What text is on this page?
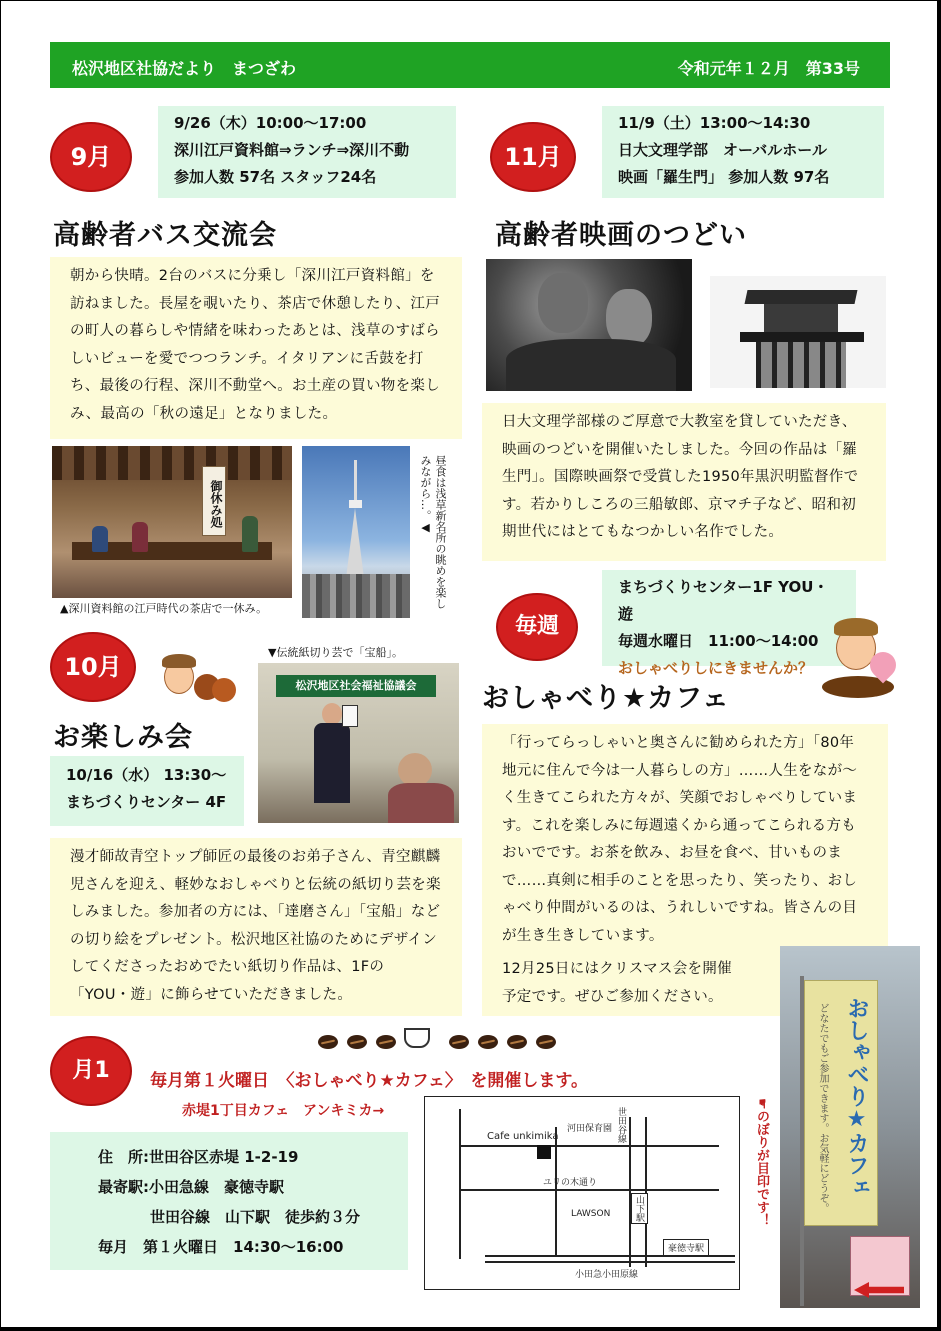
松沢地区社協だより　まつざわ	令和元年１２月　第33号
9月
9/26（木）10:00～17:00
深川江戸資料館⇒ランチ⇒深川不動
参加人数 57名 スタッフ24名
高齢者バス交流会
朝から快晴。2台のバスに分乗し「深川江戸資料館」を訪ねました。長屋を覗いたり、茶店で休憩したり、江戸の町人の暮らしや情緒を味わったあとは、浅草のすばらしいビューを愛でつつランチ。イタリアンに舌鼓を打ち、最後の行程、深川不動堂へ。お土産の買い物を楽しみ、最高の「秋の遠足」となりました。
御休み処
▲深川資料館の江戸時代の茶店で一休み。	昼食は浅草新名所の眺めを楽しみながら…。◀
11月
11/9（土）13:00～14:30
日大文理学部　オーバルホール
映画「羅生門」 参加人数 97名
高齢者映画のつどい
日大文理学部様のご厚意で大教室を貸していただき、映画のつどいを開催いたしました。今回の作品は「羅生門」。国際映画祭で受賞した1950年黒沢明監督作です。若かりしころの三船敏郎、京マチ子など、昭和初期世代にはとてもなつかしい名作でした。
10月
お楽しみ会
10/16（水） 13:30～
まちづくりセンター 4F
▼伝統紙切り芸で「宝船」。
松沢地区社会福祉協議会
漫才師故青空トップ師匠の最後のお弟子さん、青空麒麟児さんを迎え、軽妙なおしゃべりと伝統の紙切り芸を楽しみました。参加者の方には、「達磨さん」「宝船」などの切り絵をプレゼント。松沢地区社協のためにデザインしてくださったおめでたい紙切り作品は、1Fの「YOU・遊」に飾らせていただきました。
毎週
まちづくりセンター1F YOU・遊
毎週水曜日　11:00～14:00
おしゃべりしにきませんか？
おしゃべり★カフェ
「行ってらっしゃいと奥さんに勧められた方」「80年地元に住んで今は一人暮らしの方」……人生をなが～く生きてこられた方々が、笑顔でおしゃべりしています。これを楽しみに毎週遠くから通ってこられる方もおいでです。お茶を飲み、お昼を食べ、甘いものまで……真剣に相手のことを思ったり、笑ったり、おしゃべり仲間がいるのは、うれしいですね。皆さんの目が生き生きしています。
12月25日にはクリスマス会を開催
予定です。ぜひご参加ください。
おしゃべり★カフェ
どなたでもご参加できます。お気軽にどうぞ。
☛のぼりが目印です！

月1	毎月第１火曜日　〈おしゃべり★カフェ〉　を開催します。
赤堤1丁目カフェ　アンキミカ→
住　所:世田谷区赤堤 1-2-19
最寄駅:小田急線　豪徳寺駅
世田谷線　山下駅　徒歩約３分
毎月　第１火曜日　14:30～16:00
Cafe unkimika
河田保育園
ユリの木通り
LAWSON
世田谷線
山下駅
豪徳寺駅
小田急小田原線
